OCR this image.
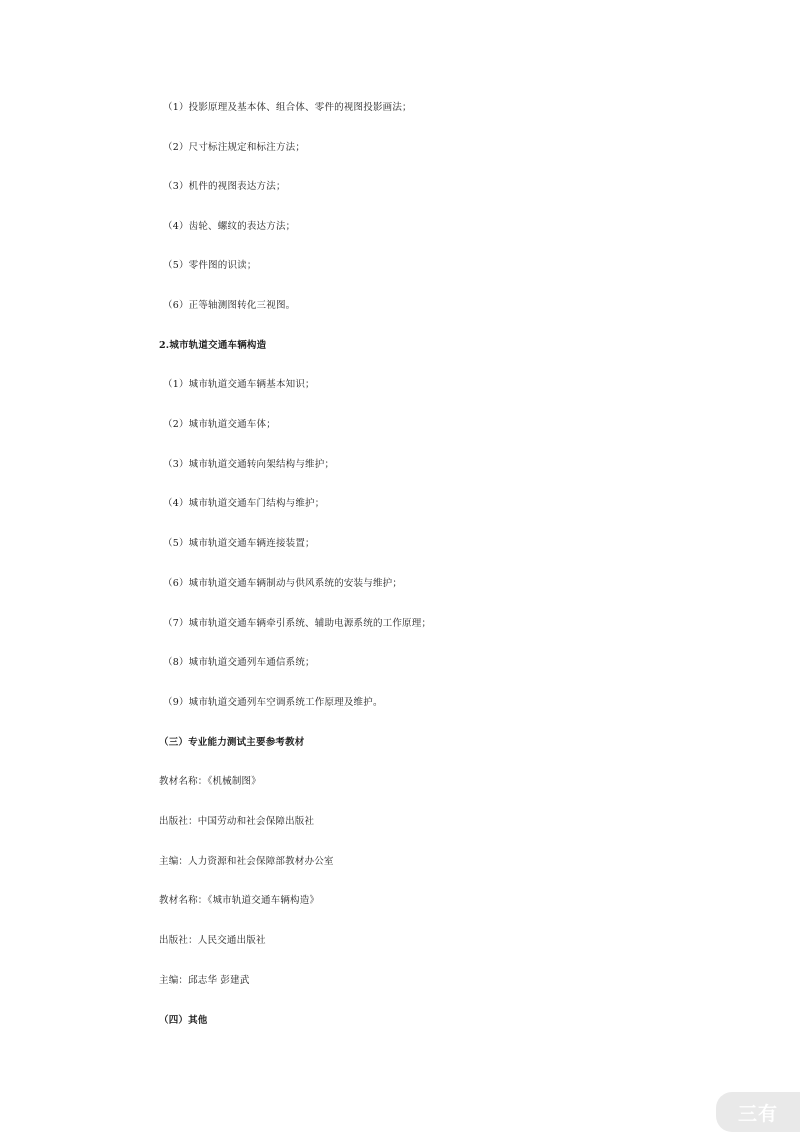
（1）投影原理及基本体、组合体、零件的视图投影画法；
（2）尺寸标注规定和标注方法；
（3）机件的视图表达方法；
（4）齿轮、螺纹的表达方法；
（5）零件图的识读；
（6）正等轴测图转化三视图。
2.城市轨道交通车辆构造
（1）城市轨道交通车辆基本知识；
（2）城市轨道交通车体；
（3）城市轨道交通转向架结构与维护；
（4）城市轨道交通车门结构与维护；
（5）城市轨道交通车辆连接装置；
（6）城市轨道交通车辆制动与供风系统的安装与维护；
（7）城市轨道交通车辆牵引系统、辅助电源系统的工作原理；
（8）城市轨道交通列车通信系统；
（9）城市轨道交通列车空调系统工作原理及维护。
（三）专业能力测试主要参考教材
教材名称：《机械制图》
出版社：中国劳动和社会保障出版社
主编：人力资源和社会保障部教材办公室
教材名称：《城市轨道交通车辆构造》
出版社：人民交通出版社
主编：邱志华 彭建武
（四）其他
三有
